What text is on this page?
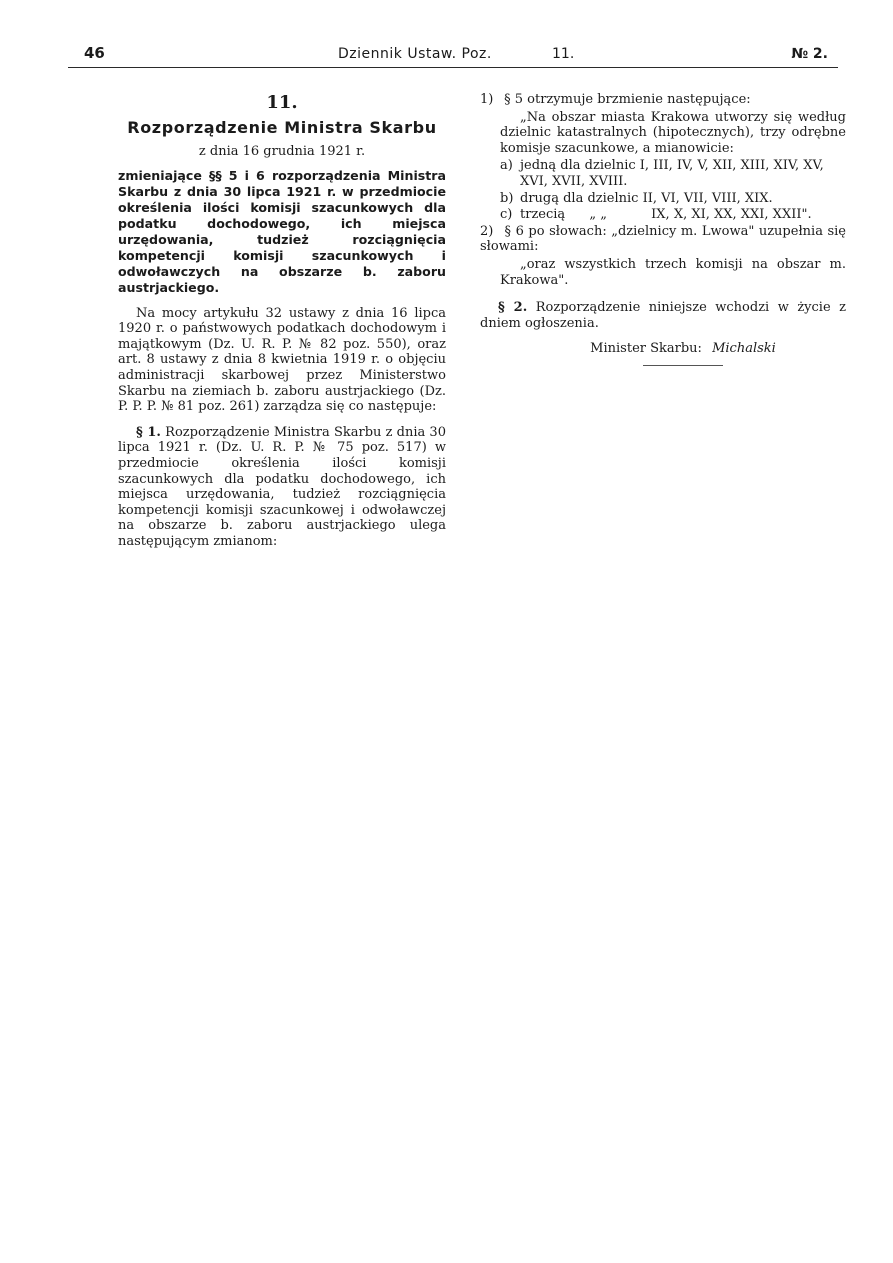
46	Dziennik Ustaw. Poz.	11.	№ 2.
11.
Rozporządzenie Ministra Skarbu
z dnia 16 grudnia 1921 r.
zmieniające §§ 5 i 6 rozporządzenia Ministra Skarbu z dnia 30 lipca 1921 r. w przedmiocie określenia ilości komisji szacunkowych dla podatku dochodowego, ich miejsca urzędowania, tudzież rozciągnięcia kompetencji komisji szacunkowych i odwoławczych na obszarze b. zaboru austrjackiego.
Na mocy artykułu 32 ustawy z dnia 16 lipca 1920 r. o państwowych podatkach dochodowym i majątkowym (Dz. U. R. P. № 82 poz. 550), oraz art. 8 ustawy z dnia 8 kwietnia 1919 r. o objęciu administracji skarbowej przez Ministerstwo Skarbu na ziemiach b. zaboru austrjackiego (Dz. P. P. P. № 81 poz. 261) zarządza się co następuje:
§ 1. Rozporządzenie Ministra Skarbu z dnia 30 lipca 1921 r. (Dz. U. R. P. № 75 poz. 517) w przedmiocie określenia ilości komisji szacunkowych dla podatku dochodowego, ich miejsca urzędowania, tudzież rozciągnięcia kompetencji komisji szacunkowej i odwoławczej na obszarze b. zaboru austrjackiego ulega następującym zmianom:
1) § 5 otrzymuje brzmienie następujące:
„Na obszar miasta Krakowa utworzy się według dzielnic katastralnych (hipotecznych), trzy odrębne komisje szacunkowe, a mianowicie:
a) jedną dla dzielnic I, III, IV, V, XII, XIII, XIV, XV, XVI, XVII, XVIII.
b) drugą dla dzielnic II, VI, VII, VIII, XIX.
c) trzecią „ „	IX, X, XI, XX, XXI, XXII".
2) § 6 po słowach: „dzielnicy m. Lwowa" uzupełnia się słowami:
„oraz wszystkich trzech komisji na obszar m. Krakowa".
§ 2. Rozporządzenie niniejsze wchodzi w życie z dniem ogłoszenia.
Minister Skarbu: Michalski
